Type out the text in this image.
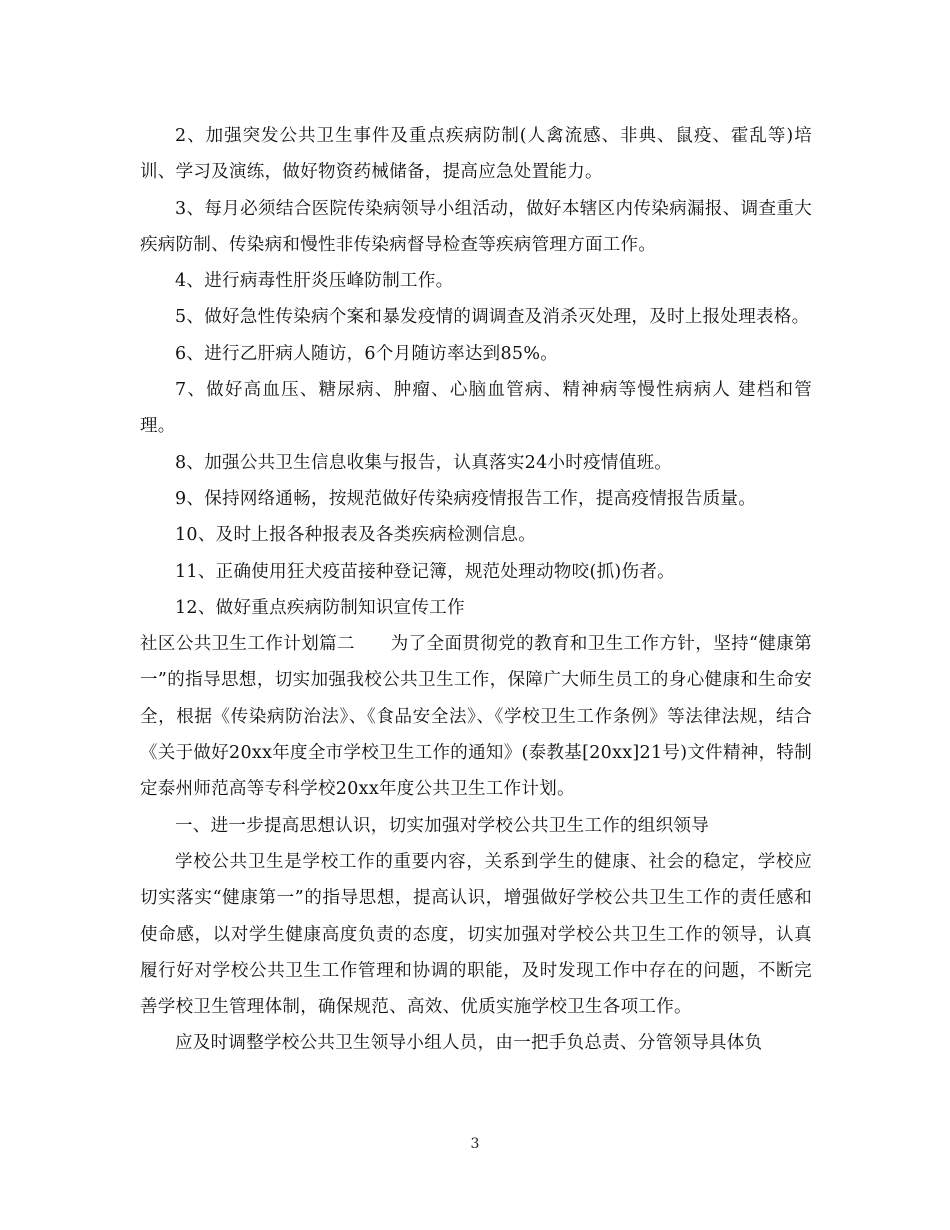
2、加强突发公共卫生事件及重点疾病防制(人禽流感、非典、鼠疫、霍乱等)培训、学习及演练，做好物资药械储备，提高应急处置能力。

3、每月必须结合医院传染病领导小组活动，做好本辖区内传染病漏报、调查重大疾病防制、传染病和慢性非传染病督导检查等疾病管理方面工作。

4、进行病毒性肝炎压峰防制工作。

5、做好急性传染病个案和暴发疫情的调调查及消杀灭处理，及时上报处理表格。

6、进行乙肝病人随访，6个月随访率达到85%。

7、做好高血压、糖尿病、肿瘤、心脑血管病、精神病等慢性病病人 建档和管理。

8、加强公共卫生信息收集与报告，认真落实24小时疫情值班。

9、保持网络通畅，按规范做好传染病疫情报告工作，提高疫情报告质量。

10、及时上报各种报表及各类疾病检测信息。

11、正确使用狂犬疫苗接种登记簿，规范处理动物咬(抓)伤者。

12、做好重点疾病防制知识宣传工作

社区公共卫生工作计划篇二　　为了全面贯彻党的教育和卫生工作方针，坚持“健康第一”的指导思想，切实加强我校公共卫生工作，保障广大师生员工的身心健康和生命安全，根据《传染病防治法》、《食品安全法》、《学校卫生工作条例》等法律法规，结合《关于做好20xx年度全市学校卫生工作的通知》(泰教基[20xx]21号)文件精神，特制定泰州师范高等专科学校20xx年度公共卫生工作计划。

一、进一步提高思想认识，切实加强对学校公共卫生工作的组织领导

学校公共卫生是学校工作的重要内容，关系到学生的健康、社会的稳定，学校应切实落实“健康第一”的指导思想，提高认识，增强做好学校公共卫生工作的责任感和使命感，以对学生健康高度负责的态度，切实加强对学校公共卫生工作的领导，认真履行好对学校公共卫生工作管理和协调的职能，及时发现工作中存在的问题，不断完善学校卫生管理体制，确保规范、高效、优质实施学校卫生各项工作。

应及时调整学校公共卫生领导小组人员，由一把手负总责、分管领导具体负

3
